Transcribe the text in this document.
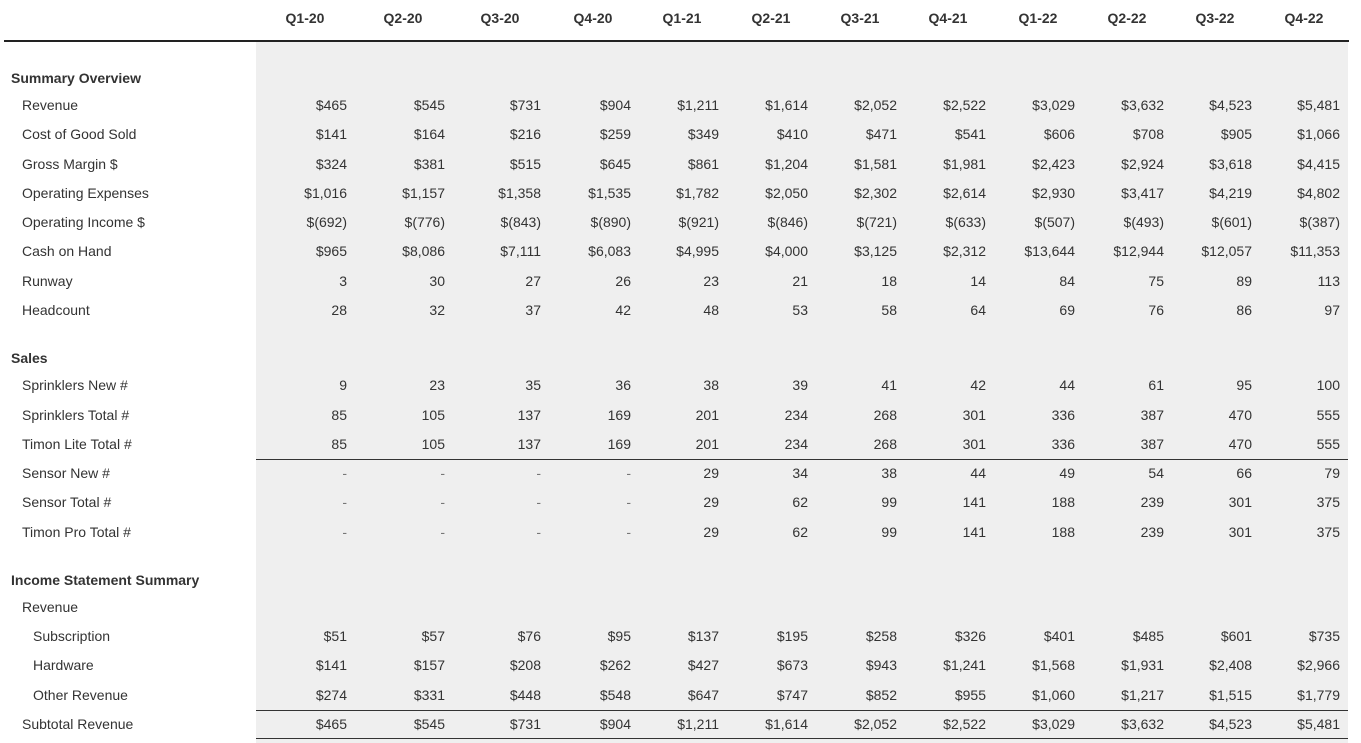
Q1-20	Q2-20	Q3-20	Q4-20	Q1-21	Q2-21	Q3-21	Q4-21	Q1-22	Q2-22	Q3-22	Q4-22
Summary Overview
Revenue	$465	$545	$731	$904	$1,211	$1,614	$2,052	$2,522	$3,029	$3,632	$4,523	$5,481
Cost of Good Sold	$141	$164	$216	$259	$349	$410	$471	$541	$606	$708	$905	$1,066
Gross Margin $	$324	$381	$515	$645	$861	$1,204	$1,581	$1,981	$2,423	$2,924	$3,618	$4,415
Operating Expenses	$1,016	$1,157	$1,358	$1,535	$1,782	$2,050	$2,302	$2,614	$2,930	$3,417	$4,219	$4,802
Operating Income $	$(692)	$(776)	$(843)	$(890)	$(921)	$(846)	$(721)	$(633)	$(507)	$(493)	$(601)	$(387)
Cash on Hand	$965	$8,086	$7,111	$6,083	$4,995	$4,000	$3,125	$2,312	$13,644	$12,944	$12,057	$11,353
Runway	3	30	27	26	23	21	18	14	84	75	89	113
Headcount	28	32	37	42	48	53	58	64	69	76	86	97
Sales
Sprinklers New #	9	23	35	36	38	39	41	42	44	61	95	100
Sprinklers Total #	85	105	137	169	201	234	268	301	336	387	470	555
Timon Lite Total #	85	105	137	169	201	234	268	301	336	387	470	555
Sensor New #	-	-	-	-	29	34	38	44	49	54	66	79
Sensor Total #	-	-	-	-	29	62	99	141	188	239	301	375
Timon Pro Total #	-	-	-	-	29	62	99	141	188	239	301	375
Income Statement Summary
Revenue
Subscription	$51	$57	$76	$95	$137	$195	$258	$326	$401	$485	$601	$735
Hardware	$141	$157	$208	$262	$427	$673	$943	$1,241	$1,568	$1,931	$2,408	$2,966
Other Revenue	$274	$331	$448	$548	$647	$747	$852	$955	$1,060	$1,217	$1,515	$1,779
Subtotal Revenue	$465	$545	$731	$904	$1,211	$1,614	$2,052	$2,522	$3,029	$3,632	$4,523	$5,481
